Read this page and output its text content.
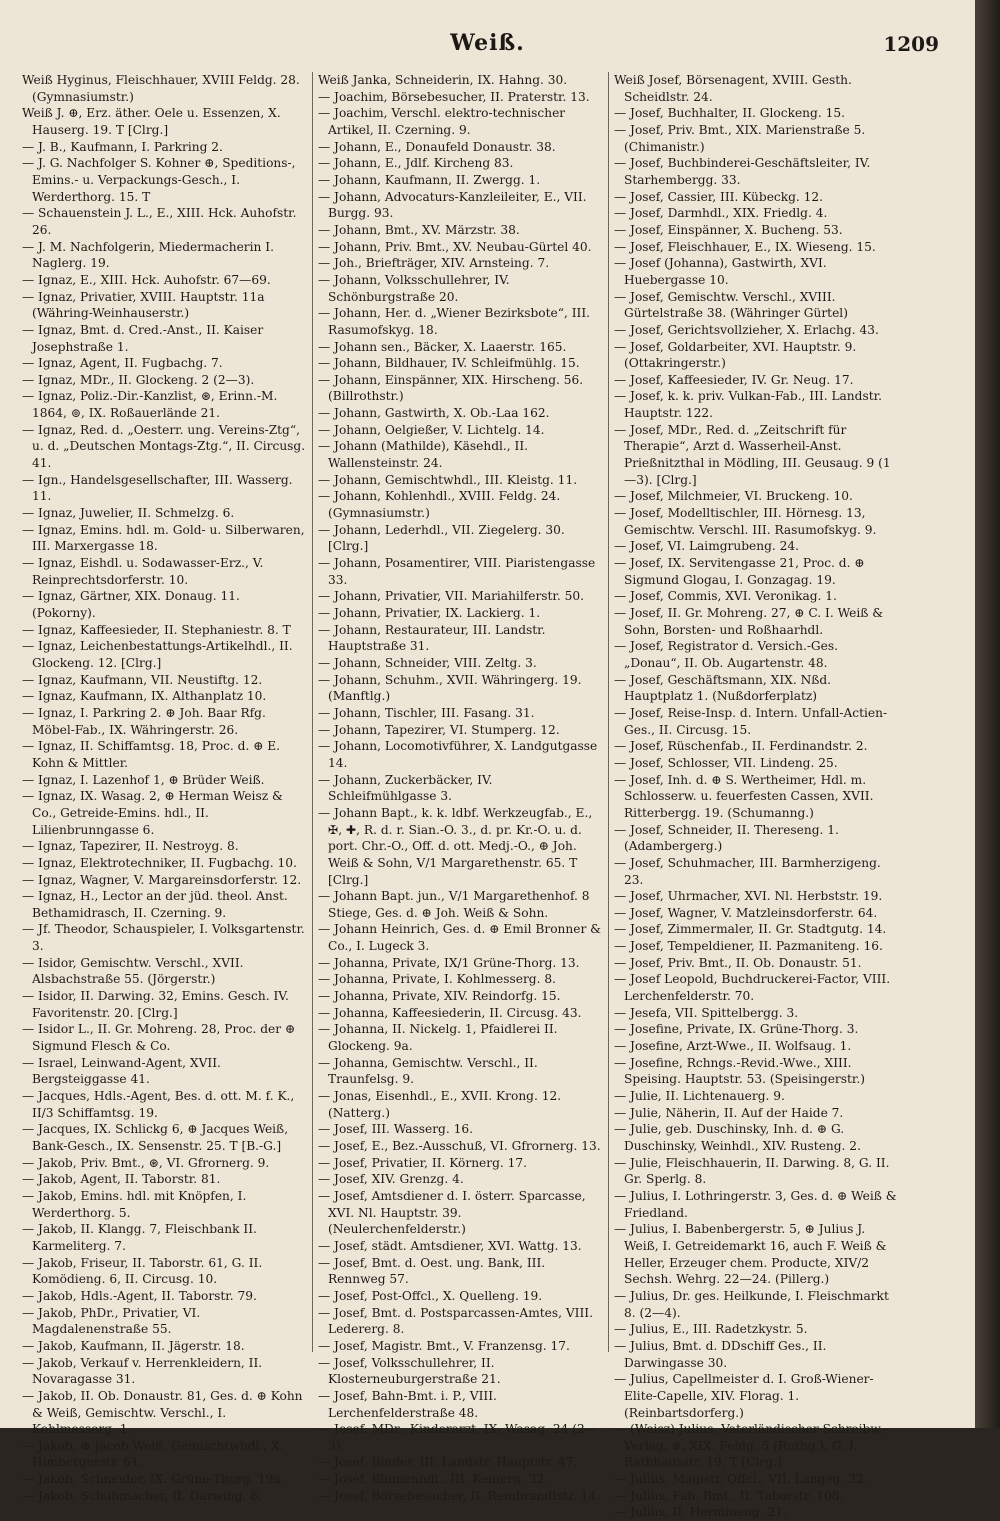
Weiß.	1209

Weiß Hyginus, Fleischhauer, XVIII Feldg. 28. (Gymnasiumstr.)

Weiß J. ⊕, Erz. äther. Oele u. Essenzen, X. Hauserg. 19. T [Clrg.]

— J. B., Kaufmann, I. Parkring 2.

— J. G. Nachfolger S. Kohner ⊕, Speditions-, Emins.- u. Verpackungs-Gesch., I. Werderthorg. 15. T

— Schauenstein J. L., E., XIII. Hck. Auhofstr. 26.

— J. M. Nachfolgerin, Miedermacherin I. Naglerg. 19.

— Ignaz, E., XIII. Hck. Auhofstr. 67—69.

— Ignaz, Privatier, XVIII. Hauptstr. 11a (Währing-Weinhauserstr.)

— Ignaz, Bmt. d. Cred.-Anst., II. Kaiser Josephstraße 1.

— Ignaz, Agent, II. Fugbachg. 7.

— Ignaz, MDr., II. Glockeng. 2 (2—3).

— Ignaz, Poliz.-Dir.-Kanzlist, ⊛, Erinn.-M. 1864, ⊚, IX. Roßauerlände 21.

— Ignaz, Red. d. „Oesterr. ung. Vereins-Ztg“, u. d. „Deutschen Montags-Ztg.“, II. Circusg. 41.

— Ign., Handelsgesellschafter, III. Wasserg. 11.

— Ignaz, Juwelier, II. Schmelzg. 6.

— Ignaz, Emins. hdl. m. Gold- u. Silberwaren, III. Marxergasse 18.

— Ignaz, Eishdl. u. Sodawasser-Erz., V. Reinprechtsdorferstr. 10.

— Ignaz, Gärtner, XIX. Donaug. 11. (Pokorny).

— Ignaz, Kaffeesieder, II. Stephaniestr. 8. T

— Ignaz, Leichenbestattungs-Artikelhdl., II. Glockeng. 12. [Clrg.]

— Ignaz, Kaufmann, VII. Neustiftg. 12.

— Ignaz, Kaufmann, IX. Althanplatz 10.

— Ignaz, I. Parkring 2. ⊕ Joh. Baar Rfg. Möbel-Fab., IX. Währingerstr. 26.

— Ignaz, II. Schiffamtsg. 18, Proc. d. ⊕ E. Kohn & Mittler.

— Ignaz, I. Lazenhof 1, ⊕ Brüder Weiß.

— Ignaz, IX. Wasag. 2, ⊕ Herman Weisz & Co., Getreide-Emins. hdl., II. Lilienbrunngasse 6.

— Ignaz, Tapezirer, II. Nestroyg. 8.

— Ignaz, Elektrotechniker, II. Fugbachg. 10.

— Ignaz, Wagner, V. Margareinsdorferstr. 12.

— Ignaz, H., Lector an der jüd. theol. Anst. Bethamidrasch, II. Czerning. 9.

— Jf. Theodor, Schauspieler, I. Volksgartenstr. 3.

— Isidor, Gemischtw. Verschl., XVII. Alsbachstraße 55. (Jörgerstr.)

— Isidor, II. Darwing. 32, Emins. Gesch. IV. Favoritenstr. 20. [Clrg.]

— Isidor L., II. Gr. Mohreng. 28, Proc. der ⊕ Sigmund Flesch & Co.

— Israel, Leinwand-Agent, XVII. Bergsteiggasse 41.

— Jacques, Hdls.-Agent, Bes. d. ott. M. f. K., II/3 Schiffamtsg. 19.

— Jacques, IX. Schlickg 6, ⊕ Jacques Weiß, Bank-Gesch., IX. Sensenstr. 25. T [B.-G.]

— Jakob, Priv. Bmt., ⊛, VI. Gfrornerg. 9.

— Jakob, Agent, II. Taborstr. 81.

— Jakob, Emins. hdl. mit Knöpfen, I. Werderthorg. 5.

— Jakob, II. Klangg. 7, Fleischbank II. Karmeliterg. 7.

— Jakob, Friseur, II. Taborstr. 61, G. II. Komödieng. 6, II. Circusg. 10.

— Jakob, Hdls.-Agent, II. Taborstr. 79.

— Jakob, PhDr., Privatier, VI. Magdalenenstraße 55.

— Jakob, Kaufmann, II. Jägerstr. 18.

— Jakob, Verkauf v. Herrenkleidern, II. Novaragasse 31.

— Jakob, II. Ob. Donaustr. 81, Ges. d. ⊕ Kohn & Weiß, Gemischtw. Verschl., I. Kohlmesserg. 1.

— Jakob, ⊕ Jacob Weiß, Gemischtwhdl., X. Himbergerstr. 61.

— Jakob, Schneider, IX. Grüne-Thorg. 19a.

— Jakob, Schuhmacher, II. Darwing. 8.

Weiß Janka, Schneiderin, IX. Hahng. 30.

— Joachim, Börsebesucher, II. Praterstr. 13.

— Joachim, Verschl. elektro-technischer Artikel, II. Czerning. 9.

— Johann, E., Donaufeld Donaustr. 38.

— Johann, E., Jdlf. Kircheng 83.

— Johann, Kaufmann, II. Zwergg. 1.

— Johann, Advocaturs-Kanzleileiter, E., VII. Burgg. 93.

— Johann, Bmt., XV. Märzstr. 38.

— Johann, Priv. Bmt., XV. Neubau-Gürtel 40.

— Joh., Briefträger, XIV. Arnsteing. 7.

— Johann, Volksschullehrer, IV. Schönburgstraße 20.

— Johann, Her. d. „Wiener Bezirksbote“, III. Rasumofskyg. 18.

— Johann sen., Bäcker, X. Laaerstr. 165.

— Johann, Bildhauer, IV. Schleifmühlg. 15.

— Johann, Einspänner, XIX. Hirscheng. 56. (Billrothstr.)

— Johann, Gastwirth, X. Ob.-Laa 162.

— Johann, Oelgießer, V. Lichtelg. 14.

— Johann (Mathilde), Käsehdl., II. Wallensteinstr. 24.

— Johann, Gemischtwhdl., III. Kleistg. 11.

— Johann, Kohlenhdl., XVIII. Feldg. 24. (Gymnasiumstr.)

— Johann, Lederhdl., VII. Ziegelerg. 30. [Clrg.]

— Johann, Posamentirer, VIII. Piaristengasse 33.

— Johann, Privatier, VII. Mariahilferstr. 50.

— Johann, Privatier, IX. Lackierg. 1.

— Johann, Restaurateur, III. Landstr. Hauptstraße 31.

— Johann, Schneider, VIII. Zeltg. 3.

— Johann, Schuhm., XVII. Währingerg. 19. (Manftlg.)

— Johann, Tischler, III. Fasang. 31.

— Johann, Tapezirer, VI. Stumperg. 12.

— Johann, Locomotivführer, X. Landgutgasse 14.

— Johann, Zuckerbäcker, IV. Schleifmühlgasse 3.

— Johann Bapt., k. k. ldbf. Werkzeugfab., E., ✠, ✚, R. d. r. Sian.-O. 3., d. pr. Kr.-O. u. d. port. Chr.-O., Off. d. ott. Medj.-O., ⊕ Joh. Weiß & Sohn, V/1 Margarethenstr. 65. T [Clrg.]

— Johann Bapt. jun., V/1 Margarethenhof. 8 Stiege, Ges. d. ⊕ Joh. Weiß & Sohn.

— Johann Heinrich, Ges. d. ⊕ Emil Bronner & Co., I. Lugeck 3.

— Johanna, Private, IX/1 Grüne-Thorg. 13.

— Johanna, Private, I. Kohlmesserg. 8.

— Johanna, Private, XIV. Reindorfg. 15.

— Johanna, Kaffeesiederin, II. Circusg. 43.

— Johanna, II. Nickelg. 1, Pfaidlerei II. Glockeng. 9a.

— Johanna, Gemischtw. Verschl., II. Traunfelsg. 9.

— Jonas, Eisenhdl., E., XVII. Krong. 12. (Natterg.)

— Josef, III. Wasserg. 16.

— Josef, E., Bez.-Ausschuß, VI. Gfrornerg. 13.

— Josef, Privatier, II. Körnerg. 17.

— Josef, XIV. Grenzg. 4.

— Josef, Amtsdiener d. I. österr. Sparcasse, XVI. Nl. Hauptstr. 39. (Neulerchenfelderstr.)

— Josef, städt. Amtsdiener, XVI. Wattg. 13.

— Josef, Bmt. d. Oest. ung. Bank, III. Rennweg 57.

— Josef, Post-Offcl., X. Quelleng. 19.

— Josef, Bmt. d. Postsparcassen-Amtes, VIII. Ledererg. 8.

— Josef, Magistr. Bmt., V. Franzensg. 17.

— Josef, Volksschullehrer, II. Klosterneuburgerstraße 21.

— Josef, Bahn-Bmt. i. P., VIII. Lerchenfelderstraße 48.

— Josef, MDr., Kinderarzt, IX. Wasag. 24 (2—3).

— Josef, Binder, III. Landstr. Hauptstr. 47.

— Josef, Blumenhdl., III. Keinerg. 32.

— Josef, Börsebesucher, II. Rembrandtstr. 14.

Weiß Josef, Börsenagent, XVIII. Gesth. Scheidlstr. 24.

— Josef, Buchhalter, II. Glockeng. 15.

— Josef, Priv. Bmt., XIX. Marienstraße 5. (Chimanistr.)

— Josef, Buchbinderei-Geschäftsleiter, IV. Starhembergg. 33.

— Josef, Cassier, III. Kübeckg. 12.

— Josef, Darmhdl., XIX. Friedlg. 4.

— Josef, Einspänner, X. Bucheng. 53.

— Josef, Fleischhauer, E., IX. Wieseng. 15.

— Josef (Johanna), Gastwirth, XVI. Huebergasse 10.

— Josef, Gemischtw. Verschl., XVIII. Gürtelstraße 38. (Währinger Gürtel)

— Josef, Gerichtsvollzieher, X. Erlachg. 43.

— Josef, Goldarbeiter, XVI. Hauptstr. 9. (Ottakringerstr.)

— Josef, Kaffeesieder, IV. Gr. Neug. 17.

— Josef, k. k. priv. Vulkan-Fab., III. Landstr. Hauptstr. 122.

— Josef, MDr., Red. d. „Zeitschrift für Therapie“, Arzt d. Wasserheil-Anst. Prießnitzthal in Mödling, III. Geusaug. 9 (1—3). [Clrg.]

— Josef, Milchmeier, VI. Bruckeng. 10.

— Josef, Modelltischler, III. Hörnesg. 13, Gemischtw. Verschl. III. Rasumofskyg. 9.

— Josef, VI. Laimgrubeng. 24.

— Josef, IX. Servitengasse 21, Proc. d. ⊕ Sigmund Glogau, I. Gonzagag. 19.

— Josef, Commis, XVI. Veronikag. 1.

— Josef, II. Gr. Mohreng. 27, ⊕ C. I. Weiß & Sohn, Borsten- und Roßhaarhdl.

— Josef, Registrator d. Versich.-Ges. „Donau“, II. Ob. Augartenstr. 48.

— Josef, Geschäftsmann, XIX. Nßd. Hauptplatz 1. (Nußdorferplatz)

— Josef, Reise-Insp. d. Intern. Unfall-Actien-Ges., II. Circusg. 15.

— Josef, Rüschenfab., II. Ferdinandstr. 2.

— Josef, Schlosser, VII. Lindeng. 25.

— Josef, Inh. d. ⊕ S. Wertheimer, Hdl. m. Schlosserw. u. feuerfesten Cassen, XVII. Ritterbergg. 19. (Schumanng.)

— Josef, Schneider, II. Thereseng. 1. (Adambergerg.)

— Josef, Schuhmacher, III. Barmherzigeng. 23.

— Josef, Uhrmacher, XVI. Nl. Herbststr. 19.

— Josef, Wagner, V. Matzleinsdorferstr. 64.

— Josef, Zimmermaler, II. Gr. Stadtgutg. 14.

— Josef, Tempeldiener, II. Pazmaniteng. 16.

— Josef, Priv. Bmt., II. Ob. Donaustr. 51.

— Josef Leopold, Buchdruckerei-Factor, VIII. Lerchenfelderstr. 70.

— Jesefa, VII. Spittelbergg. 3.

— Josefine, Private, IX. Grüne-Thorg. 3.

— Josefine, Arzt-Wwe., II. Wolfsaug. 1.

— Josefine, Rchngs.-Revid.-Wwe., XIII. Speising. Hauptstr. 53. (Speisingerstr.)

— Julie, II. Lichtenauerg. 9.

— Julie, Näherin, II. Auf der Haide 7.

— Julie, geb. Duschinsky, Inh. d. ⊕ G. Duschinsky, Weinhdl., XIV. Rusteng. 2.

— Julie, Fleischhauerin, II. Darwing. 8, G. II. Gr. Sperlg. 8.

— Julius, I. Lothringerstr. 3, Ges. d. ⊕ Weiß & Friedland.

— Julius, I. Babenbergerstr. 5, ⊕ Julius J. Weiß, I. Getreidemarkt 16, auch F. Weiß & Heller, Erzeuger chem. Producte, XIV/2 Sechsh. Wehrg. 22—24. (Pillerg.)

— Julius, Dr. ges. Heilkunde, I. Fleischmarkt 8. (2—4).

— Julius, E., III. Radetzkystr. 5.

— Julius, Bmt. d. DDschiff Ges., II. Darwingasse 30.

— Julius, Capellmeister d. I. Groß-Wiener-Elite-Capelle, XIV. Florag. 1. (Reinbartsdorferg.)

— (Weisz) Julius, Vaterländischer Schreibw.-Verlag, ⊕, XIX. Feldg. 5 (Ruthg.), G. I. Rathhausstr. 19. T [Clrg.]

— Julius, Magistr. Offcl., VII. Langeg. 32.

— Julius, Fab. Bmt., II. Taborstr. 108.

— Julius, II. Hermineng. 21.
